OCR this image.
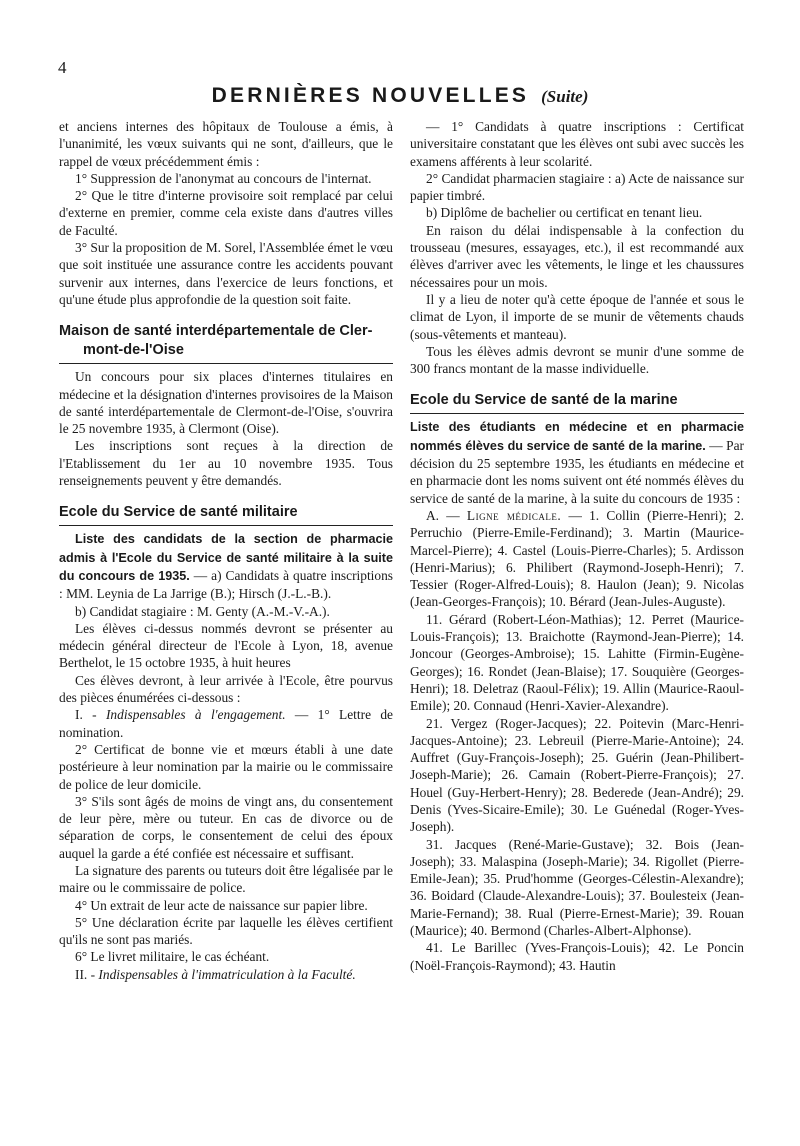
4
DERNIÈRES NOUVELLES (Suite)

et anciens internes des hôpitaux de Toulouse a émis, à l'unanimité, les vœux suivants qui ne sont, d'ailleurs, que le rappel de vœux précédemment émis :

1° Suppression de l'anonymat au concours de l'internat.

2° Que le titre d'interne provisoire soit remplacé par celui d'externe en premier, comme cela existe dans d'autres villes de Faculté.

3° Sur la proposition de M. Sorel, l'Assemblée émet le vœu que soit instituée une assurance contre les accidents pouvant survenir aux internes, dans l'exercice de leurs fonctions, et qu'une étude plus approfondie de la question soit faite.

Maison de santé interdépartementale de Cler-
mont-de-l'Oise

Un concours pour six places d'internes titulaires en médecine et la désignation d'internes provisoires de la Maison de santé interdépartementale de Clermont-de-l'Oise, s'ouvrira le 25 novembre 1935, à Clermont (Oise).

Les inscriptions sont reçues à la direction de l'Etablissement du 1er au 10 novembre 1935. Tous renseignements peuvent y être demandés.

Ecole du Service de santé militaire

Liste des candidats de la section de pharmacie admis à l'Ecole du Service de santé militaire à la suite du concours de 1935. — a) Candidats à quatre inscriptions : MM. Leynia de La Jarrige (B.); Hirsch (J.-L.-B.).

b) Candidat stagiaire : M. Genty (A.-M.-V.-A.).

Les élèves ci-dessus nommés devront se présenter au médecin général directeur de l'Ecole à Lyon, 18, avenue Berthelot, le 15 octobre 1935, à huit heures

Ces élèves devront, à leur arrivée à l'Ecole, être pourvus des pièces énumérées ci-dessous :

I. - Indispensables à l'engagement. — 1° Lettre de nomination.

2° Certificat de bonne vie et mœurs établi à une date postérieure à leur nomination par la mairie ou le commissaire de police de leur domicile.

3° S'ils sont âgés de moins de vingt ans, du consentement de leur père, mère ou tuteur. En cas de divorce ou de séparation de corps, le consentement de celui des époux auquel la garde a été confiée est nécessaire et suffisant.

La signature des parents ou tuteurs doit être légalisée par le maire ou le commissaire de police.

4° Un extrait de leur acte de naissance sur papier libre.

5° Une déclaration écrite par laquelle les élèves certifient qu'ils ne sont pas mariés.

6° Le livret militaire, le cas échéant.

II. - Indispensables à l'immatriculation à la Faculté.

— 1° Candidats à quatre inscriptions : Certificat universitaire constatant que les élèves ont subi avec succès les examens afférents à leur scolarité.

2° Candidat pharmacien stagiaire : a) Acte de naissance sur papier timbré.

b) Diplôme de bachelier ou certificat en tenant lieu.

En raison du délai indispensable à la confection du trousseau (mesures, essayages, etc.), il est recommandé aux élèves d'arriver avec les vêtements, le linge et les chaussures nécessaires pour un mois.

Il y a lieu de noter qu'à cette époque de l'année et sous le climat de Lyon, il importe de se munir de vêtements chauds (sous-vêtements et manteau).

Tous les élèves admis devront se munir d'une somme de 300 francs montant de la masse individuelle.

Ecole du Service de santé de la marine

Liste des étudiants en médecine et en pharmacie nommés élèves du service de santé de la marine. — Par décision du 25 septembre 1935, les étudiants en médecine et en pharmacie dont les noms suivent ont été nommés élèves du service de santé de la marine, à la suite du concours de 1935 :

A. — Ligne médicale. — 1. Collin (Pierre-Henri); 2. Perruchio (Pierre-Emile-Ferdinand); 3. Martin (Maurice-Marcel-Pierre); 4. Castel (Louis-Pierre-Charles); 5. Ardisson (Henri-Marius); 6. Philibert (Raymond-Joseph-Henri); 7. Tessier (Roger-Alfred-Louis); 8. Haulon (Jean); 9. Nicolas (Jean-Georges-François); 10. Bérard (Jean-Jules-Auguste).

11. Gérard (Robert-Léon-Mathias); 12. Perret (Maurice-Louis-François); 13. Braichotte (Raymond-Jean-Pierre); 14. Joncour (Georges-Ambroise); 15. Lahitte (Firmin-Eugène-Georges); 16. Rondet (Jean-Blaise); 17. Souquière (Georges-Henri); 18. Deletraz (Raoul-Félix); 19. Allin (Maurice-Raoul-Emile); 20. Connaud (Henri-Xavier-Alexandre).

21. Vergez (Roger-Jacques); 22. Poitevin (Marc-Henri-Jacques-Antoine); 23. Lebreuil (Pierre-Marie-Antoine); 24. Auffret (Guy-François-Joseph); 25. Guérin (Jean-Philibert-Joseph-Marie); 26. Camain (Robert-Pierre-François); 27. Houel (Guy-Herbert-Henry); 28. Bederede (Jean-André); 29. Denis (Yves-Sicaire-Emile); 30. Le Guénedal (Roger-Yves-Joseph).

31. Jacques (René-Marie-Gustave); 32. Bois (Jean-Joseph); 33. Malaspina (Joseph-Marie); 34. Rigollet (Pierre-Emile-Jean); 35. Prud'homme (Georges-Célestin-Alexandre); 36. Boidard (Claude-Alexandre-Louis); 37. Boulesteix (Jean-Marie-Fernand); 38. Rual (Pierre-Ernest-Marie); 39. Rouan (Maurice); 40. Bermond (Charles-Albert-Alphonse).

41. Le Barillec (Yves-François-Louis); 42. Le Poncin (Noël-François-Raymond); 43. Hautin
